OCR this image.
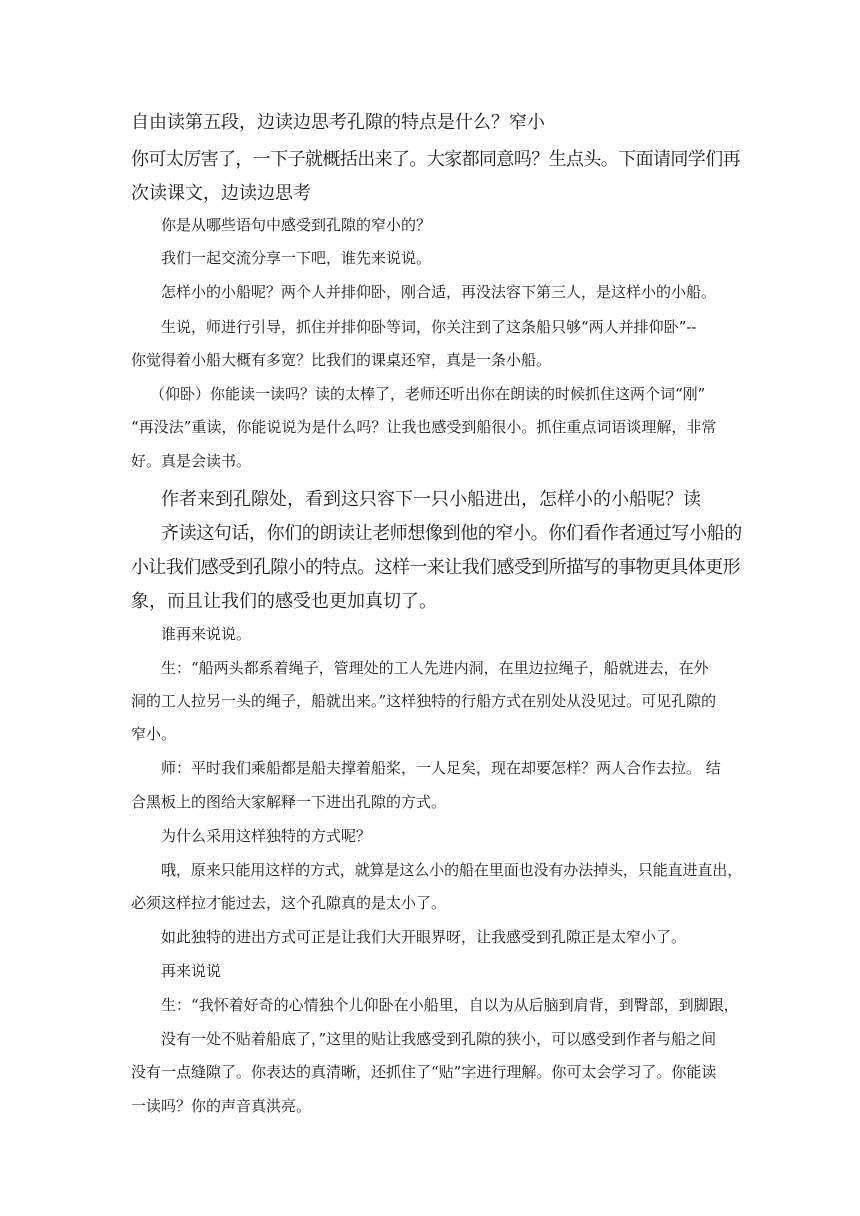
自由读第五段，边读边思考孔隙的特点是什么？窄小

你可太厉害了，一下子就概括出来了。大家都同意吗？生点头。下面请同学们再

次读课文，边读边思考

你是从哪些语句中感受到孔隙的窄小的？

我们一起交流分享一下吧，谁先来说说。

怎样小的小船呢？两个人并排仰卧，刚合适，再没法容下第三人，是这样小的小船。

生说，师进行引导，抓住并排仰卧等词，你关注到了这条船只够“两人并排仰卧”--

你觉得着小船大概有多宽？比我们的课桌还窄，真是一条小船。

（仰卧）你能读一读吗？读的太棒了，老师还听出你在朗读的时候抓住这两个词“刚”

“再没法”重读，你能说说为是什么吗？让我也感受到船很小。抓住重点词语谈理解，非常

好。真是会读书。

作者来到孔隙处，看到这只容下一只小船进出，怎样小的小船呢？读

齐读这句话，你们的朗读让老师想像到他的窄小。你们看作者通过写小船的

小让我们感受到孔隙小的特点。这样一来让我们感受到所描写的事物更具体更形

象，而且让我们的感受也更加真切了。

谁再来说说。

生：“船两头都系着绳子，管理处的工人先进内洞，在里边拉绳子，船就进去，在外

洞的工人拉另一头的绳子，船就出来。”这样独特的行船方式在别处从没见过。可见孔隙的

窄小。

师：平时我们乘船都是船夫撑着船桨，一人足矣，现在却要怎样？两人合作去拉。 结

合黑板上的图给大家解释一下进出孔隙的方式。

为什么采用这样独特的方式呢？

哦，原来只能用这样的方式，就算是这么小的船在里面也没有办法掉头，只能直进直出，

必须这样拉才能过去，这个孔隙真的是太小了。

如此独特的进出方式可正是让我们大开眼界呀，让我感受到孔隙正是太窄小了。

再来说说

生：“我怀着好奇的心情独个儿仰卧在小船里，自以为从后脑到肩背，到臀部，到脚跟，

没有一处不贴着船底了，”这里的贴让我感受到孔隙的狭小，可以感受到作者与船之间

没有一点缝隙了。你表达的真清晰，还抓住了“贴”字进行理解。你可太会学习了。你能读

一读吗？你的声音真洪亮。
